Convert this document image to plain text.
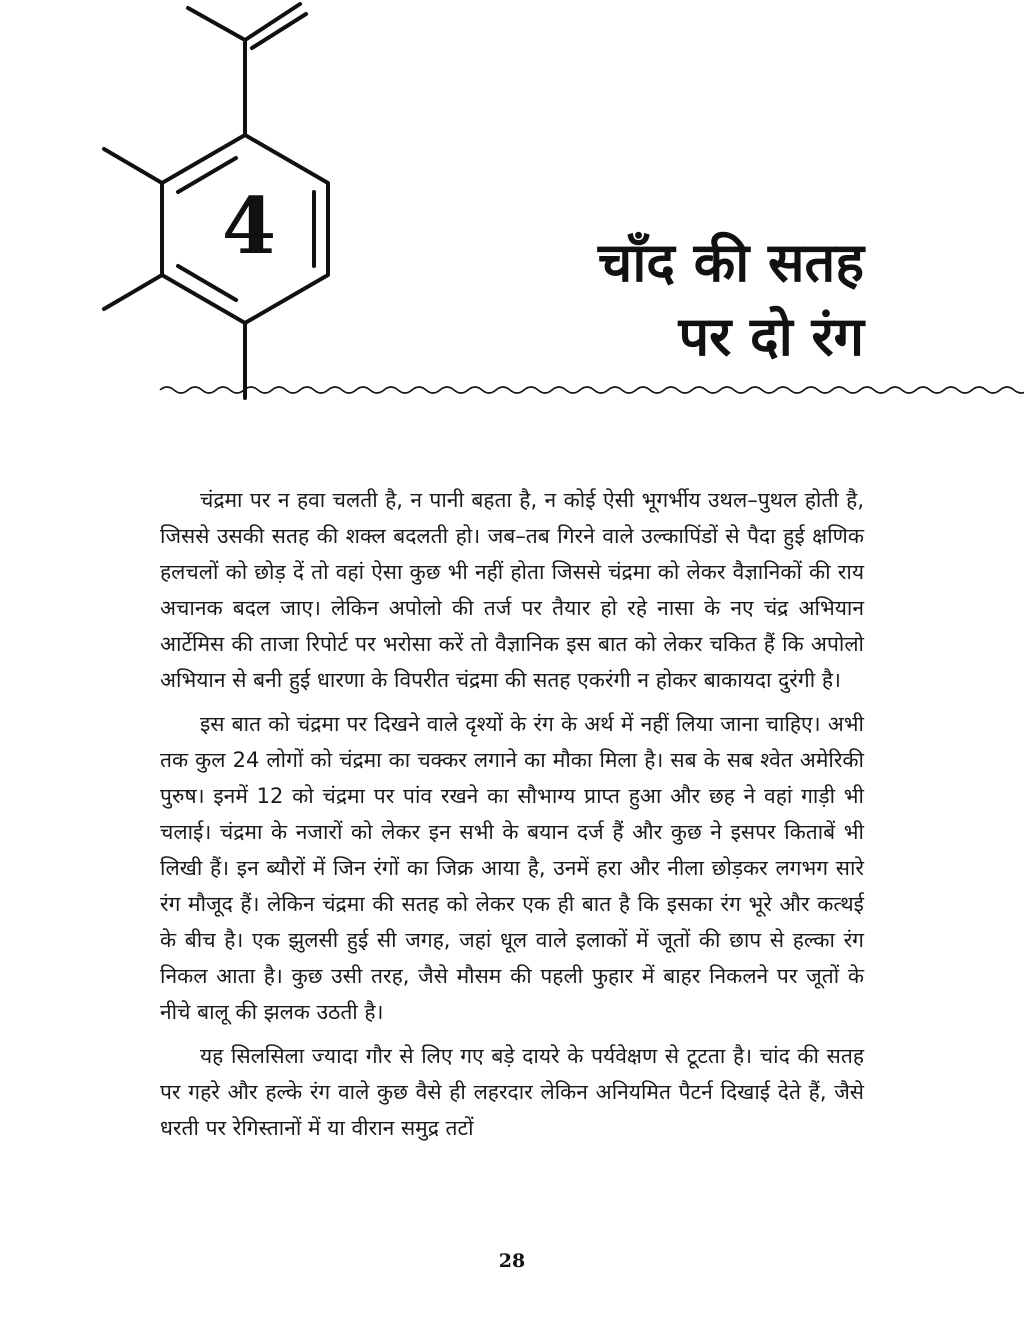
4	चाँद की सतह
पर दो रंग

चंद्रमा पर न हवा चलती है, न पानी बहता है, न कोई ऐसी भूगर्भीय उथल–पुथल होती है, जिससे उसकी सतह की शक्ल बदलती हो। जब–तब गिरने वाले उल्कापिंडों से पैदा हुई क्षणिक हलचलों को छोड़ दें तो वहां ऐसा कुछ भी नहीं होता जिससे चंद्रमा को लेकर वैज्ञानिकों की राय अचानक बदल जाए। लेकिन अपोलो की तर्ज पर तैयार हो रहे नासा के नए चंद्र अभियान आर्टेमिस की ताजा रिपोर्ट पर भरोसा करें तो वैज्ञानिक इस बात को लेकर चकित हैं कि अपोलो अभियान से बनी हुई धारणा के विपरीत चंद्रमा की सतह एकरंगी न होकर बाकायदा दुरंगी है।

इस बात को चंद्रमा पर दिखने वाले दृश्यों के रंग के अर्थ में नहीं लिया जाना चाहिए। अभी तक कुल 24 लोगों को चंद्रमा का चक्कर लगाने का मौका मिला है। सब के सब श्वेत अमेरिकी पुरुष। इनमें 12 को चंद्रमा पर पांव रखने का सौभाग्य प्राप्त हुआ और छह ने वहां गाड़ी भी चलाई। चंद्रमा के नजारों को लेकर इन सभी के बयान दर्ज हैं और कुछ ने इसपर किताबें भी लिखी हैं। इन ब्यौरों में जिन रंगों का जिक्र आया है, उनमें हरा और नीला छोड़कर लगभग सारे रंग मौजूद हैं। लेकिन चंद्रमा की सतह को लेकर एक ही बात है कि इसका रंग भूरे और कत्थई के बीच है। एक झुलसी हुई सी जगह, जहां धूल वाले इलाकों में जूतों की छाप से हल्का रंग निकल आता है। कुछ उसी तरह, जैसे मौसम की पहली फुहार में बाहर निकलने पर जूतों के नीचे बालू की झलक उठती है।

यह सिलसिला ज्यादा गौर से लिए गए बड़े दायरे के पर्यवेक्षण से टूटता है। चांद की सतह पर गहरे और हल्के रंग वाले कुछ वैसे ही लहरदार लेकिन अनियमित पैटर्न दिखाई देते हैं, जैसे धरती पर रेगिस्तानों में या वीरान समुद्र तटों

28
